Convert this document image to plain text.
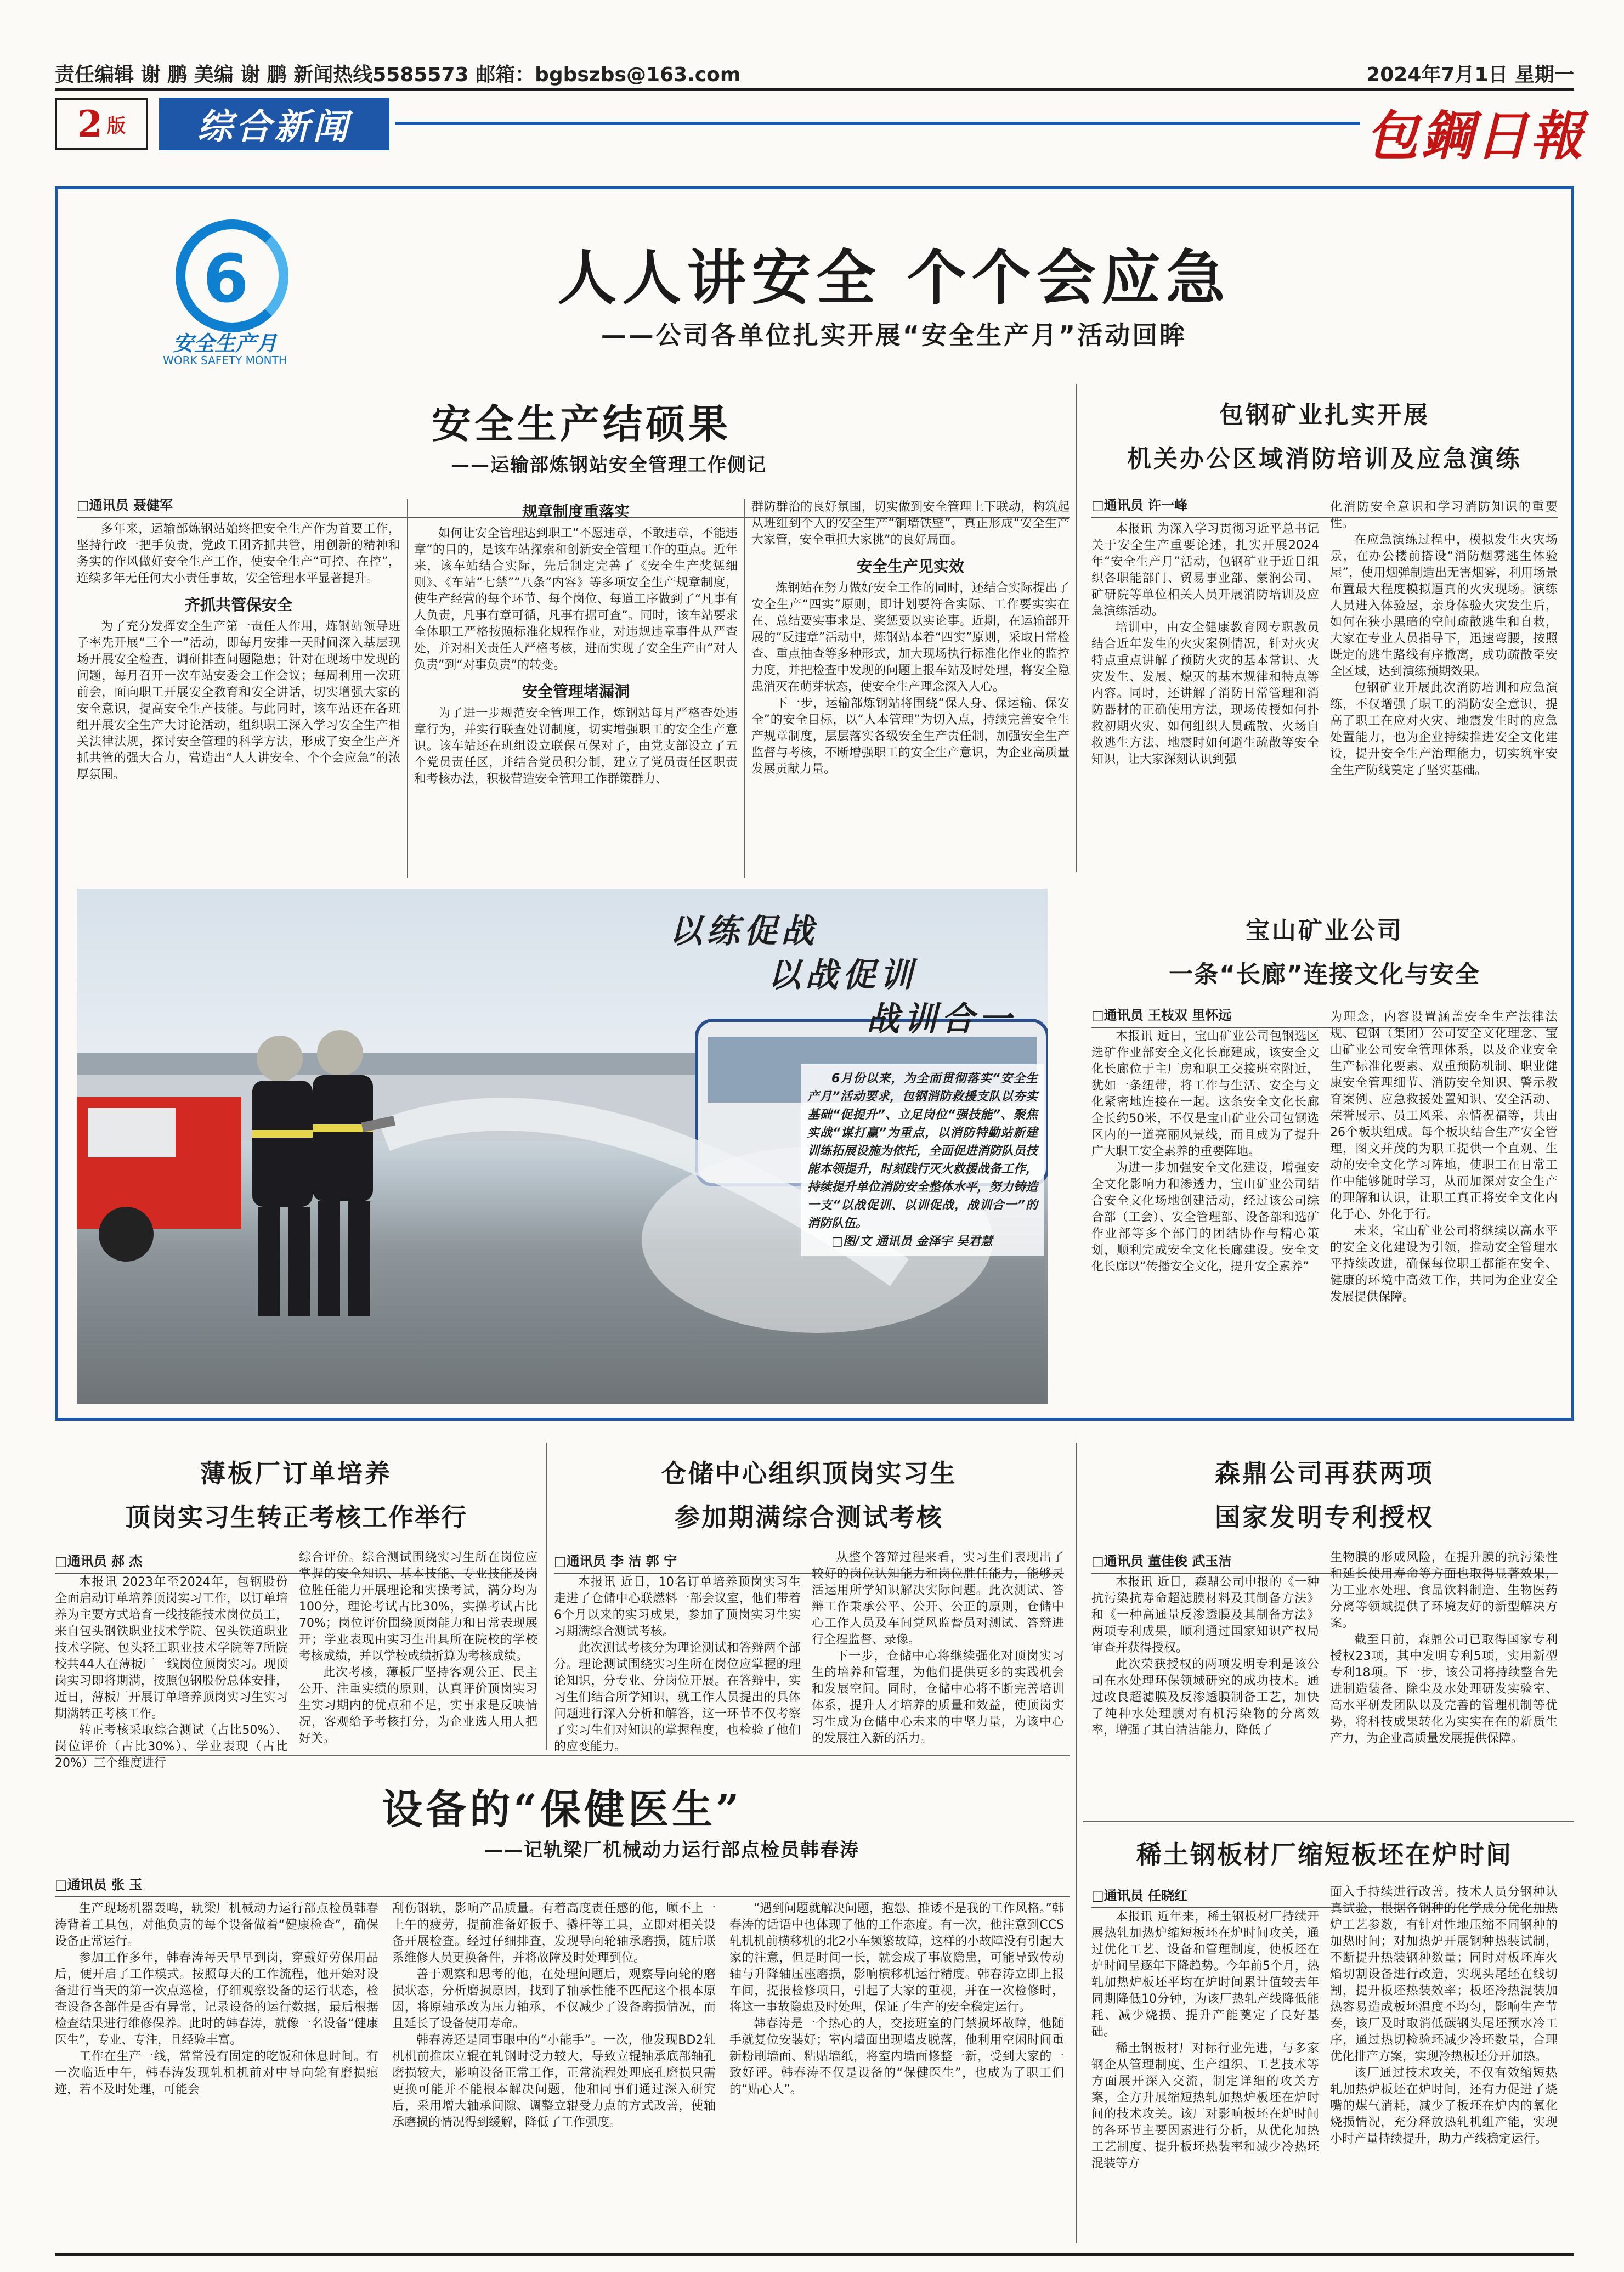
责任编辑 谢 鹏 美编 谢 鹏 新闻热线5585573 邮箱：bgbszbs@163.com	2024年7月1日 星期一
2 版	综合新闻	包鋼日報
6
安全生产月
WORK SAFETY MONTH
人人讲安全 个个会应急
——公司各单位扎实开展“安全生产月”活动回眸
安全生产结硕果
——运输部炼钢站安全管理工作侧记
□通讯员 聂健军

多年来，运输部炼钢站始终把安全生产作为首要工作，坚持行政一把手负责，党政工团齐抓共管，用创新的精神和务实的作风做好安全生产工作，使安全生产“可控、在控”，连续多年无任何大小责任事故，安全管理水平显著提升。

齐抓共管保安全

为了充分发挥安全生产第一责任人作用，炼钢站领导班子率先开展“三个一”活动，即每月安排一天时间深入基层现场开展安全检查，调研排查问题隐患；针对在现场中发现的问题，每月召开一次车站安委会工作会议；每周利用一次班前会，面向职工开展安全教育和安全讲话，切实增强大家的安全意识，提高安全生产技能。与此同时，该车站还在各班组开展安全生产大讨论活动，组织职工深入学习安全生产相关法律法规，探讨安全管理的科学方法，形成了安全生产齐抓共管的强大合力，营造出“人人讲安全、个个会应急”的浓厚氛围。

规章制度重落实

如何让安全管理达到职工“不愿违章，不敢违章，不能违章”的目的，是该车站探索和创新安全管理工作的重点。近年来，该车站结合实际，先后制定完善了《安全生产奖惩细则》、《车站“七禁”“八条”内容》等多项安全生产规章制度，使生产经营的每个环节、每个岗位、每道工序做到了“凡事有人负责，凡事有章可循，凡事有据可查”。同时，该车站要求全体职工严格按照标准化规程作业，对违规违章事件从严查处，并对相关责任人严格考核，进而实现了安全生产由“对人负责”到“对事负责”的转变。

安全管理堵漏洞

为了进一步规范安全管理工作，炼钢站每月严格查处违章行为，并实行联查处罚制度，切实增强职工的安全生产意识。该车站还在班组设立联保互保对子，由党支部设立了五个党员责任区，并结合党员积分制，建立了党员责任区职责和考核办法，积极营造安全管理工作群策群力、

群防群治的良好氛围，切实做到安全管理上下联动，构筑起从班组到个人的安全生产“铜墙铁壁”，真正形成“安全生产大家管，安全重担大家挑”的良好局面。

安全生产见实效

炼钢站在努力做好安全工作的同时，还结合实际提出了安全生产“四实”原则，即计划要符合实际、工作要实实在在、总结要实事求是、奖惩要以实论事。近期，在运输部开展的“反违章”活动中，炼钢站本着“四实”原则，采取日常检查、重点抽查等多种形式，加大现场执行标准化作业的监控力度，并把检查中发现的问题上报车站及时处理，将安全隐患消灭在萌芽状态，使安全生产理念深入人心。

下一步，运输部炼钢站将围绕“保人身、保运输、保安全”的安全目标，以“人本管理”为切入点，持续完善安全生产规章制度，层层落实各级安全生产责任制，加强安全生产监督与考核，不断增强职工的安全生产意识，为企业高质量发展贡献力量。

包钢矿业扎实开展
机关办公区域消防培训及应急演练
□通讯员 许一峰

本报讯 为深入学习贯彻习近平总书记关于安全生产重要论述，扎实开展2024年“安全生产月”活动，包钢矿业于近日组织各职能部门、贸易事业部、蒙润公司、矿研院等单位相关人员开展消防培训及应急演练活动。

培训中，由安全健康教育网专职教员结合近年发生的火灾案例情况，针对火灾特点重点讲解了预防火灾的基本常识、火灾发生、发展、熄灭的基本规律和特点等内容。同时，还讲解了消防日常管理和消防器材的正确使用方法，现场传授如何扑救初期火灾、如何组织人员疏散、火场自救逃生方法、地震时如何避生疏散等安全知识，让大家深刻认识到强

化消防安全意识和学习消防知识的重要性。

在应急演练过程中，模拟发生火灾场景，在办公楼前搭设“消防烟雾逃生体验屋”，使用烟弹制造出无害烟雾，利用场景布置最大程度模拟逼真的火灾现场。演练人员进入体验屋，亲身体验火灾发生后，如何在狭小黑暗的空间疏散逃生和自救，大家在专业人员指导下，迅速弯腰，按照既定的逃生路线有序撤离，成功疏散至安全区域，达到演练预期效果。

包钢矿业开展此次消防培训和应急演练，不仅增强了职工的消防安全意识，提高了职工在应对火灾、地震发生时的应急处置能力，也为企业持续推进安全文化建设，提升安全生产治理能力，切实筑牢安全生产防线奠定了坚实基础。

以练促战
以战促训
战训合一

6月份以来，为全面贯彻落实“安全生产月”活动要求，包钢消防救援支队以夯实基础“促提升”、立足岗位“强技能”、聚焦实战“谋打赢”为重点，以消防特勤站新建训练拓展设施为依托，全面促进消防队员技能本领提升，时刻践行灭火救援战备工作，持续提升单位消防安全整体水平，努力铸造一支“以战促训、以训促战，战训合一”的消防队伍。

□图/文 通讯员 金泽宇 吴君慧

宝山矿业公司
一条“长廊”连接文化与安全
□通讯员 王枝双 里怀远

本报讯 近日，宝山矿业公司包钢选区选矿作业部安全文化长廊建成，该安全文化长廊位于主厂房和职工交接班室附近，犹如一条纽带，将工作与生活、安全与文化紧密地连接在一起。这条安全文化长廊全长约50米，不仅是宝山矿业公司包钢选区内的一道亮丽风景线，而且成为了提升广大职工安全素养的重要阵地。

为进一步加强安全文化建设，增强安全文化影响力和渗透力，宝山矿业公司结合安全文化场地创建活动，经过该公司综合部（工会）、安全管理部、设备部和选矿作业部等多个部门的团结协作与精心策划，顺利完成安全文化长廊建设。安全文化长廊以“传播安全文化，提升安全素养”

为理念，内容设置涵盖安全生产法律法规、包钢（集团）公司安全文化理念、宝山矿业公司安全管理体系，以及企业安全生产标准化要素、双重预防机制、职业健康安全管理细节、消防安全知识、警示教育案例、应急救援处置知识、安全活动、荣誉展示、员工风采、亲情祝福等，共由26个板块组成。每个板块结合生产安全管理，图文并茂的为职工提供一个直观、生动的安全文化学习阵地，使职工在日常工作中能够随时学习，从而加深对安全生产的理解和认识，让职工真正将安全文化内化于心、外化于行。

未来，宝山矿业公司将继续以高水平的安全文化建设为引领，推动安全管理水平持续改进，确保每位职工都能在安全、健康的环境中高效工作，共同为企业安全发展提供保障。

薄板厂订单培养
顶岗实习生转正考核工作举行
□通讯员 郝 杰

本报讯 2023年至2024年，包钢股份全面启动订单培养顶岗实习工作，以订单培养为主要方式培育一线技能技术岗位员工，来自包头钢铁职业技术学院、包头铁道职业技术学院、包头轻工职业技术学院等7所院校共44人在薄板厂一线岗位顶岗实习。现顶岗实习即将期满，按照包钢股份总体安排，近日，薄板厂开展订单培养顶岗实习生实习期满转正考核工作。

转正考核采取综合测试（占比50%）、岗位评价（占比30%）、学业表现（占比20%）三个维度进行

综合评价。综合测试围绕实习生所在岗位应掌握的安全知识、基本技能、专业技能及岗位胜任能力开展理论和实操考试，满分均为100分，理论考试占比30%，实操考试占比70%；岗位评价围绕顶岗能力和日常表现展开；学业表现由实习生出具所在院校的学校考核成绩，并以学校成绩折算为考核成绩。

此次考核，薄板厂坚持客观公正、民主公开、注重实绩的原则，认真评价顶岗实习生实习期内的优点和不足，实事求是反映情况，客观给予考核打分，为企业选人用人把好关。

仓储中心组织顶岗实习生
参加期满综合测试考核
□通讯员 李 洁 郭 宁

本报讯 近日，10名订单培养顶岗实习生走进了仓储中心联燃料一部会议室，他们带着6个月以来的实习成果，参加了顶岗实习生实习期满综合测试考核。

此次测试考核分为理论测试和答辩两个部分。理论测试围绕实习生所在岗位应掌握的理论知识，分专业、分岗位开展。在答辩中，实习生们结合所学知识，就工作人员提出的具体问题进行深入分析和解答，这一环节不仅考察了实习生们对知识的掌握程度，也检验了他们的应变能力。

从整个答辩过程来看，实习生们表现出了较好的岗位认知能力和岗位胜任能力，能够灵活运用所学知识解决实际问题。此次测试、答辩工作秉承公平、公开、公正的原则，仓储中心工作人员及车间党风监督员对测试、答辩进行全程监督、录像。

下一步，仓储中心将继续强化对顶岗实习生的培养和管理，为他们提供更多的实践机会和发展空间。同时，仓储中心将不断完善培训体系，提升人才培养的质量和效益，使顶岗实习生成为仓储中心未来的中坚力量，为该中心的发展注入新的活力。

森鼎公司再获两项
国家发明专利授权
□通讯员 董佳俊 武玉洁

本报讯 近日，森鼎公司申报的《一种抗污染抗寿命超滤膜材料及其制备方法》和《一种高通量反渗透膜及其制备方法》两项专利成果，顺利通过国家知识产权局审查并获得授权。

此次荣获授权的两项发明专利是该公司在水处理环保领域研究的成功技术。通过改良超滤膜及反渗透膜制备工艺，加快了纯种水处理膜对有机污染物的分离效率，增强了其自清洁能力，降低了

生物膜的形成风险，在提升膜的抗污染性和延长使用寿命等方面也取得显著效果，为工业水处理、食品饮料制造、生物医药分离等领域提供了环境友好的新型解决方案。

截至目前，森鼎公司已取得国家专利授权23项，其中发明专利5项，实用新型专利18项。下一步，该公司将持续整合先进制造装备、除尘及水处理研发实验室、高水平研发团队以及完善的管理机制等优势，将科技成果转化为实实在在的新质生产力，为企业高质量发展提供保障。

设备的“保健医生”
——记轨梁厂机械动力运行部点检员韩春涛
□通讯员 张 玉

生产现场机器轰鸣，轨梁厂机械动力运行部点检员韩春涛背着工具包，对他负责的每个设备做着“健康检查”，确保设备正常运行。

参加工作多年，韩春涛每天早早到岗，穿戴好劳保用品后，便开启了工作模式。按照每天的工作流程，他开始对设备进行当天的第一次点巡检，仔细观察设备的运行状态，检查设备各部件是否有异常，记录设备的运行数据，最后根据检查结果进行维修保养。此时的韩春涛，就像一名设备“健康医生”，专业、专注，且经验丰富。

工作在生产一线，常常没有固定的吃饭和休息时间。有一次临近中午，韩春涛发现轧机机前对中导向轮有磨损痕迹，若不及时处理，可能会

刮伤钢轨，影响产品质量。有着高度责任感的他，顾不上一上午的疲劳，提前准备好扳手、撬杆等工具，立即对相关设备开展检查。经过仔细排查，发现导向轮轴承磨损，随后联系维修人员更换备件，并将故障及时处理到位。

善于观察和思考的他，在处理问题后，观察导向轮的磨损状态，分析磨损原因，找到了轴承性能不匹配这个根本原因，将原轴承改为压力轴承，不仅减少了设备磨损情况，而且延长了设备使用寿命。

韩春涛还是同事眼中的“小能手”。一次，他发现BD2轧机机前推床立辊在轧钢时受力较大，导致立辊轴承底部轴孔磨损较大，影响设备正常工作，正常流程处理底孔磨损只需更换可能并不能根本解决问题，他和同事们通过深入研究后，采用增大轴承间隙、调整立辊受力点的方式改善，使轴承磨损的情况得到缓解，降低了工作强度。

“遇到问题就解决问题，抱怨、推诿不是我的工作风格。”韩春涛的话语中也体现了他的工作态度。有一次，他注意到CCS轧机机前横移机的北2小车频繁故障，这样的小故障没有引起大家的注意，但是时间一长，就会成了事故隐患，可能导致传动轴与升降轴压座磨损，影响横移机运行精度。韩春涛立即上报车间，提报检修项目，引起了大家的重视，并在一次检修时，将这一事故隐患及时处理，保证了生产的安全稳定运行。

韩春涛是一个热心的人，交接班室的门禁损坏故障，他随手就复位安装好；室内墙面出现墙皮脱落，他利用空闲时间重新粉刷墙面、粘贴墙纸，将室内墙面修整一新，受到大家的一致好评。韩春涛不仅是设备的“保健医生”，也成为了职工们的“贴心人”。

稀土钢板材厂缩短板坯在炉时间
□通讯员 任晓红

本报讯 近年来，稀土钢板材厂持续开展热轧加热炉缩短板坯在炉时间攻关，通过优化工艺、设备和管理制度，使板坯在炉时间呈逐年下降趋势。今年前5个月，热轧加热炉板坯平均在炉时间累计值较去年同期降低10分钟，为该厂热轧产线降低能耗、减少烧损、提升产能奠定了良好基础。

稀土钢板材厂对标行业先进，与多家钢企从管理制度、生产组织、工艺技术等方面展开深入交流，制定详细的攻关方案，全方升展缩短热轧加热炉板坯在炉时间的技术攻关。该厂对影响板坯在炉时间的各环节主要因素进行分析，从优化加热工艺制度、提升板坯热装率和减少冷热坯混装等方

面入手持续进行改善。技术人员分钢种认真试验，根据各钢种的化学成分优化加热炉工艺参数，有针对性地压缩不同钢种的加热时间；对加热炉开展钢种热装试制，不断提升热装钢种数量；同时对板坯库火焰切割设备进行改造，实现头尾坯在线切割，提升板坯热装效率；板坯冷热混装加热容易造成板坯温度不均匀，影响生产节奏，该厂及时取消低碳钢头尾坯预水冷工序，通过热切检验坯减少冷坯数量，合理优化排产方案，实现冷热板坯分开加热。

该厂通过技术攻关，不仅有效缩短热轧加热炉板坯在炉时间，还有力促进了烧嘴的煤气消耗，减少了板坯在炉内的氧化烧损情况，充分释放热轧机组产能，实现小时产量持续提升，助力产线稳定运行。
